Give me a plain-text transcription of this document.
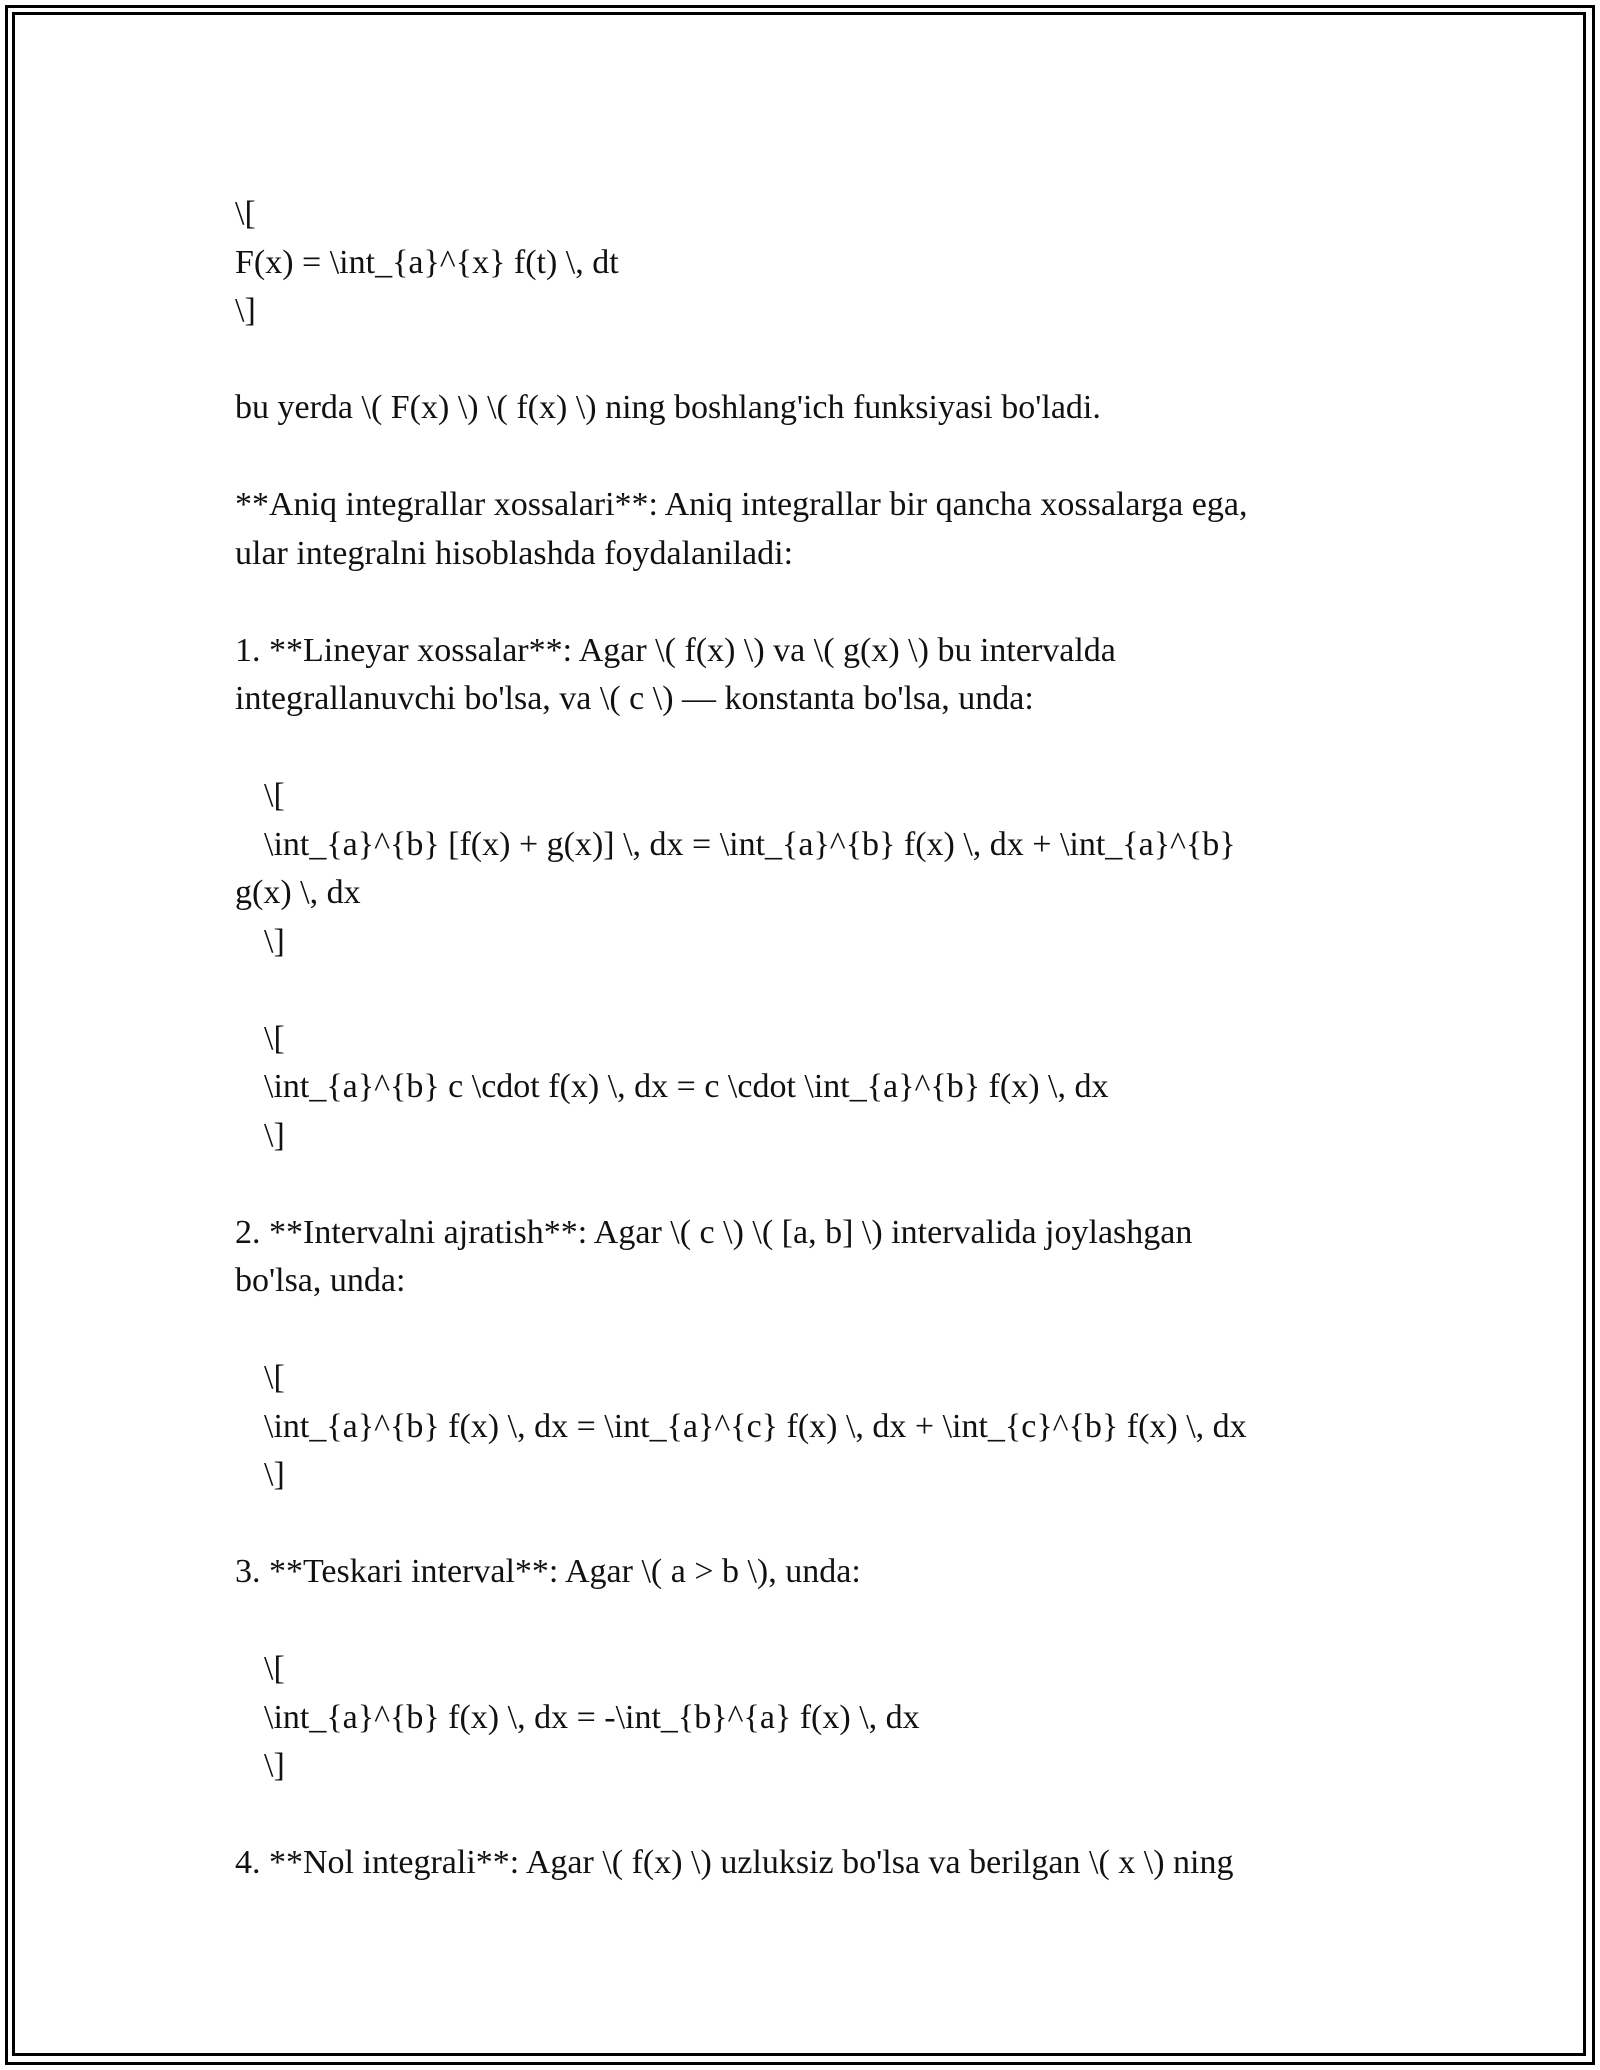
\[
F(x) = \int_{a}^{x} f(t) \, dt
\]
bu yerda \( F(x) \) \( f(x) \) ning boshlang'ich funksiyasi bo'ladi.
**Aniq integrallar xossalari**: Aniq integrallar bir qancha xossalarga ega,
ular integralni hisoblashda foydalaniladi:
1. **Lineyar xossalar**: Agar \( f(x) \) va \( g(x) \) bu intervalda
integrallanuvchi bo'lsa, va \( c \) — konstanta bo'lsa, unda:
\[
\int_{a}^{b} [f(x) + g(x)] \, dx = \int_{a}^{b} f(x) \, dx + \int_{a}^{b}
g(x) \, dx
\]
\[
\int_{a}^{b} c \cdot f(x) \, dx = c \cdot \int_{a}^{b} f(x) \, dx
\]
2. **Intervalni ajratish**: Agar \( c \) \( [a, b] \) intervalida joylashgan
bo'lsa, unda:
\[
\int_{a}^{b} f(x) \, dx = \int_{a}^{c} f(x) \, dx + \int_{c}^{b} f(x) \, dx
\]
3. **Teskari interval**: Agar \( a > b \), unda:
\[
\int_{a}^{b} f(x) \, dx = -\int_{b}^{a} f(x) \, dx
\]
4. **Nol integrali**: Agar \( f(x) \) uzluksiz bo'lsa va berilgan \( x \) ning
